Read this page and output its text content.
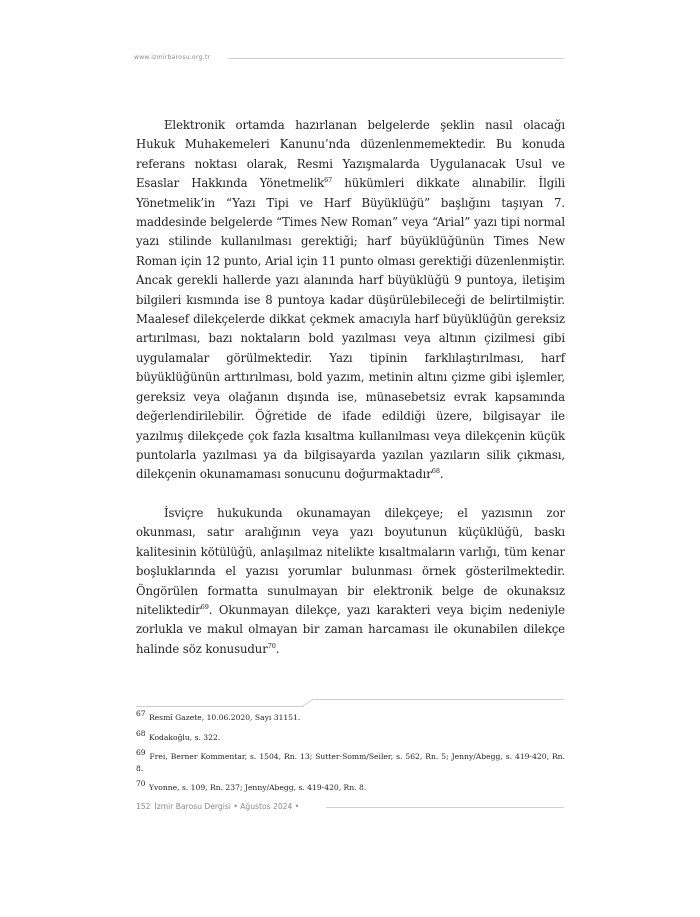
www.izmirbarosu.org.tr

Elektronik ortamda hazırlanan belgelerde şeklin nasıl olacağı Hukuk Muhakemeleri Kanunu’nda düzenlenmemektedir. Bu konuda referans noktası olarak, Resmi Yazışmalarda Uygulanacak Usul ve Esaslar Hakkında Yönetmelik$^{67}$ hükümleri dikkate alınabilir. İlgili Yönetmelik’in “Yazı Tipi ve Harf Büyüklüğü” başlığını taşıyan 7. maddesinde belgelerde “Times New Roman” veya “Arial” yazı tipi normal yazı stilinde kullanılması gerektiği; harf büyüklüğünün Times New Roman için 12 punto, Arial için 11 punto olması gerektiği düzenlenmiştir. Ancak gerekli hallerde yazı alanında harf büyüklüğü 9 puntoya, iletişim bilgileri kısmında ise 8 puntoya kadar düşürülebileceği de belirtilmiştir. Maalesef dilekçelerde dikkat çekmek amacıyla harf büyüklüğün gereksiz artırılması, bazı noktaların bold yazılması veya altının çizilmesi gibi uygulamalar görülmektedir. Yazı tipinin farklılaştırılması, harf büyüklüğünün arttırılması, bold yazım, metinin altını çizme gibi işlemler, gereksiz veya olağanın dışında ise, münasebetsiz evrak kapsamında değerlendirilebilir. Öğretide de ifade edildiği üzere, bilgisayar ile yazılmış dilekçede çok fazla kısaltma kullanılması veya dilekçenin küçük puntolarla yazılması ya da bilgisayarda yazılan yazıların silik çıkması, dilekçenin okunamaması sonucunu doğurmaktadır$^{68}$.

İsviçre hukukunda okunamayan dilekçeye; el yazısının zor okunması, satır aralığının veya yazı boyutunun küçüklüğü, baskı kalitesinin kötülüğü, anlaşılmaz nitelikte kısaltmaların varlığı, tüm kenar boşluklarında el yazısı yorumlar bulunması örnek gösterilmektedir. Öngörülen formatta sunulmayan bir elektronik belge de okunaksız niteliktedir$^{69}$. Okunmayan dilekçe, yazı karakteri veya biçim nedeniyle zorlukla ve makul olmayan bir zaman harcaması ile okunabilen dilekçe halinde söz konusudur$^{70}$.

67 Resmî Gazete, 10.06.2020, Sayı 31151.

68 Kodakoğlu, s. 322.

69 Frei, Berner Kommentar, s. 1504, Rn. 13; Sutter-Somm/Seiler, s. 562, Rn. 5; Jenny/Abegg, s. 419-420, Rn. 8.

70 Yvonne, s. 109, Rn. 237; Jenny/Abegg, s. 419-420, Rn. 8.

152 İzmir Barosu Dergisi • Ağustos 2024 •
